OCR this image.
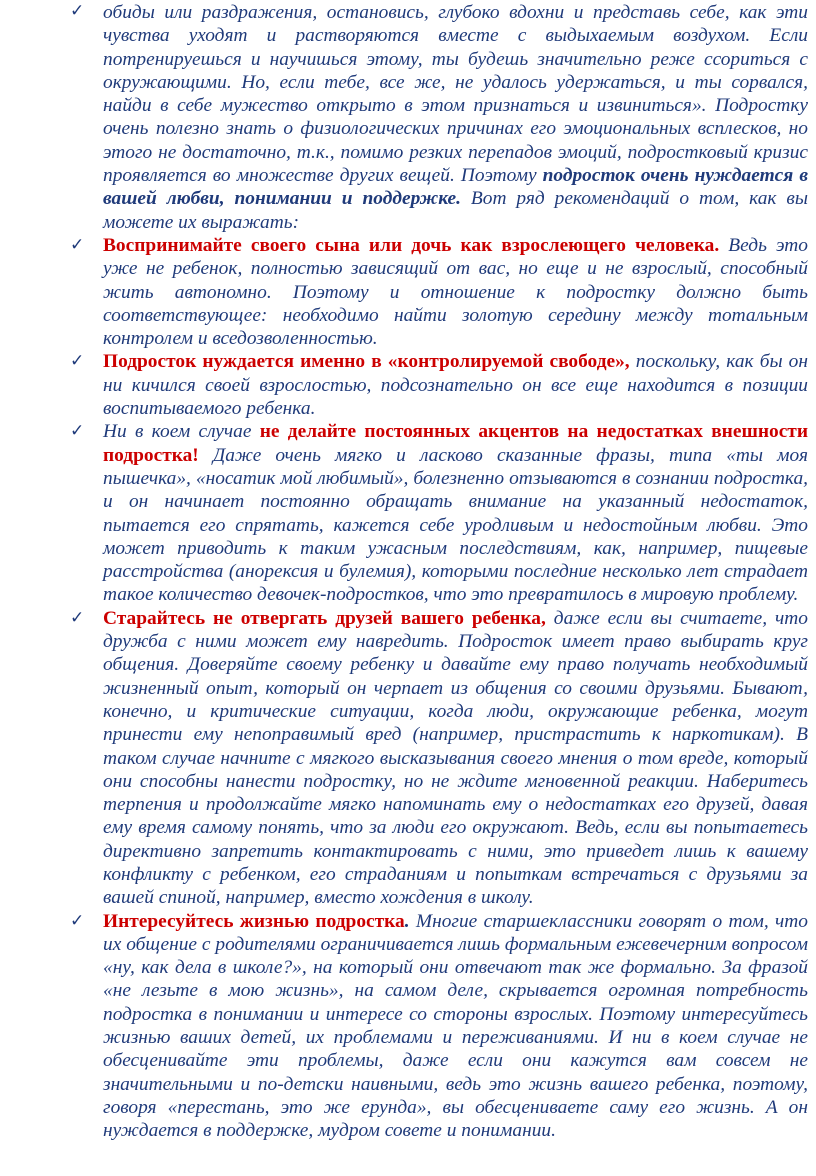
✓ обиды или раздражения, остановись, глубоко вдохни и представь себе, как эти чувства уходят и растворяются вместе с выдыхаемым воздухом. Если потренируешься и научишься этому, ты будешь значительно реже ссориться с окружающими. Но, если тебе, все же, не удалось удержаться, и ты сорвался, найди в себе мужество открыто в этом признаться и извиниться». Подростку очень полезно знать о физиологических причинах его эмоциональных всплесков, но этого не достаточно, т.к., помимо резких перепадов эмоций, подростковый кризис проявляется во множестве других вещей. Поэтому подросток очень нуждается в вашей любви, понимании и поддержке. Вот ряд рекомендаций о том, как вы можете их выражать:
✓ Воспринимайте своего сына или дочь как взрослеющего человека. Ведь это уже не ребенок, полностью зависящий от вас, но еще и не взрослый, способный жить автономно. Поэтому и отношение к подростку должно быть соответствующее: необходимо найти золотую середину между тотальным контролем и вседозволенностью.
✓ Подросток нуждается именно в «контролируемой свободе», поскольку, как бы он ни кичился своей взрослостью, подсознательно он все еще находится в позиции воспитываемого ребенка.
✓ Ни в коем случае не делайте постоянных акцентов на недостатках внешности подростка! Даже очень мягко и ласково сказанные фразы, типа «ты моя пышечка», «носатик мой любимый», болезненно отзываются в сознании подростка, и он начинает постоянно обращать внимание на указанный недостаток, пытается его спрятать, кажется себе уродливым и недостойным любви. Это может приводить к таким ужасным последствиям, как, например, пищевые расстройства (анорексия и булемия), которыми последние несколько лет страдает такое количество девочек-подростков, что это превратилось в мировую проблему.
✓ Старайтесь не отвергать друзей вашего ребенка, даже если вы считаете, что дружба с ними может ему навредить. Подросток имеет право выбирать круг общения. Доверяйте своему ребенку и давайте ему право получать необходимый жизненный опыт, который он черпает из общения со своими друзьями. Бывают, конечно, и критические ситуации, когда люди, окружающие ребенка, могут принести ему непоправимый вред (например, пристрастить к наркотикам). В таком случае начните с мягкого высказывания своего мнения о том вреде, который они способны нанести подростку, но не ждите мгновенной реакции. Наберитесь терпения и продолжайте мягко напоминать ему о недостатках его друзей, давая ему время самому понять, что за люди его окружают. Ведь, если вы попытаетесь директивно запретить контактировать с ними, это приведет лишь к вашему конфликту с ребенком, его страданиям и попыткам встречаться с друзьями за вашей спиной, например, вместо хождения в школу.
✓ Интересуйтесь жизнью подростка. Многие старшеклассники говорят о том, что их общение с родителями ограничивается лишь формальным ежевечерним вопросом «ну, как дела в школе?», на который они отвечают так же формально. За фразой «не лезьте в мою жизнь», на самом деле, скрывается огромная потребность подростка в понимании и интересе со стороны взрослых. Поэтому интересуйтесь жизнью ваших детей, их проблемами и переживаниями. И ни в коем случае не обесценивайте эти проблемы, даже если они кажутся вам совсем не значительными и по-детски наивными, ведь это жизнь вашего ребенка, поэтому, говоря «перестань, это же ерунда», вы обесцениваете саму его жизнь. А он нуждается в поддержке, мудром совете и понимании.
